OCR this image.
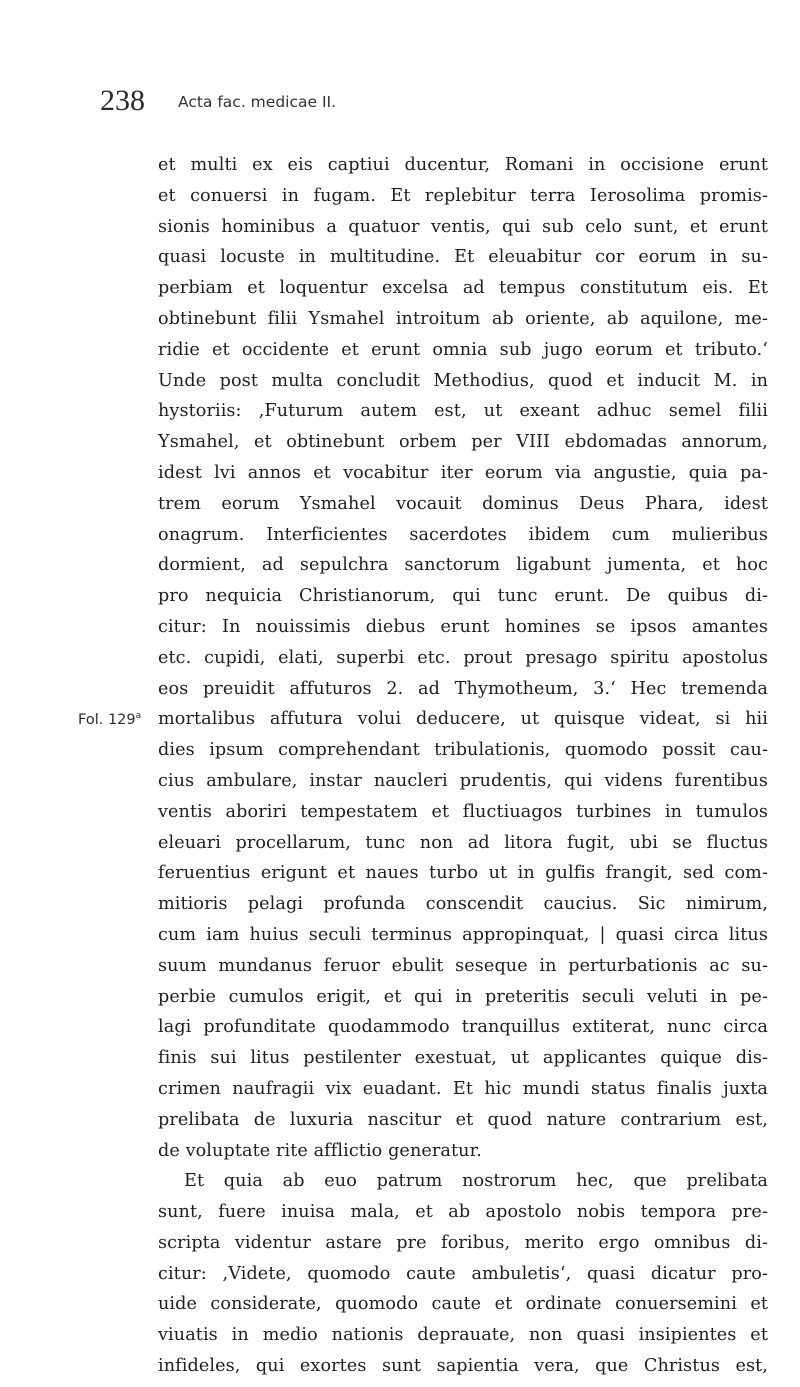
238 Acta fac. medicae II.
Fol. 129$^a$
et multi ex eis captiui ducentur, Romani in occisione erunt
et conuersi in fugam. Et replebitur terra Ierosolima promis-
sionis hominibus a quatuor ventis, qui sub celo sunt, et erunt
quasi locuste in multitudine. Et eleuabitur cor eorum in su-
perbiam et loquentur excelsa ad tempus constitutum eis. Et
obtinebunt filii Ysmahel introitum ab oriente, ab aquilone, me-
ridie et occidente et erunt omnia sub jugo eorum et tributo.‘
Unde post multa concludit Methodius, quod et inducit M. in
hystoriis: ,Futurum autem est, ut exeant adhuc semel filii
Ysmahel, et obtinebunt orbem per VIII ebdomadas annorum,
idest lvi annos et vocabitur iter eorum via angustie, quia pa-
trem eorum Ysmahel vocauit dominus Deus Phara, idest
onagrum. Interficientes sacerdotes ibidem cum mulieribus
dormient, ad sepulchra sanctorum ligabunt jumenta, et hoc
pro nequicia Christianorum, qui tunc erunt. De quibus di-
citur: In nouissimis diebus erunt homines se ipsos amantes
etc. cupidi, elati, superbi etc. prout presago spiritu apostolus
eos preuidit affuturos 2. ad Thymotheum, 3.‘ Hec tremenda
mortalibus affutura volui deducere, ut quisque videat, si hii
dies ipsum comprehendant tribulationis, quomodo possit cau-
cius ambulare, instar naucleri prudentis, qui videns furentibus
ventis aboriri tempestatem et fluctiuagos turbines in tumulos
eleuari procellarum, tunc non ad litora fugit, ubi se fluctus
feruentius erigunt et naues turbo ut in gulfis frangit, sed com-
mitioris pelagi profunda conscendit caucius. Sic nimirum,
cum iam huius seculi terminus appropinquat, | quasi circa litus
suum mundanus feruor ebulit seseque in perturbationis ac su-
perbie cumulos erigit, et qui in preteritis seculi veluti in pe-
lagi profunditate quodammodo tranquillus extiterat, nunc circa
finis sui litus pestilenter exestuat, ut applicantes quique dis-
crimen naufragii vix euadant. Et hic mundi status finalis juxta
prelibata de luxuria nascitur et quod nature contrarium est,
de voluptate rite afflictio generatur.
Et quia ab euo patrum nostrorum hec, que prelibata
sunt, fuere inuisa mala, et ab apostolo nobis tempora pre-
scripta videntur astare pre foribus, merito ergo omnibus di-
citur: ,Videte, quomodo caute ambuletis‘, quasi dicatur pro-
uide considerate, quomodo caute et ordinate conuersemini et
viuatis in medio nationis deprauate, non quasi insipientes et
infideles, qui exortes sunt sapientia vera, que Christus est,
